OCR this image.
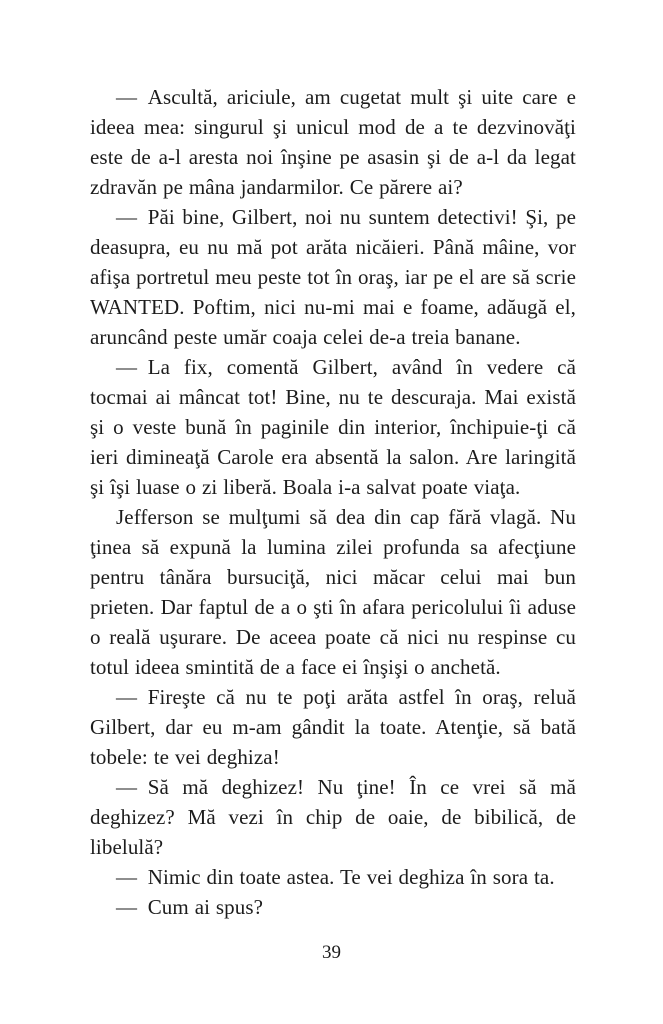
— Ascultă, ariciule, am cugetat mult şi uite care e ideea mea: singurul şi unicul mod de a te dezvinovăţi este de a-l aresta noi înşine pe asasin şi de a-l da legat zdravăn pe mâna jandarmilor. Ce părere ai?

— Păi bine, Gilbert, noi nu suntem detectivi! Şi, pe deasupra, eu nu mă pot arăta nicăieri. Până mâine, vor afişa portretul meu peste tot în oraş, iar pe el are să scrie WANTED. Poftim, nici nu-mi mai e foame, adăugă el, aruncând peste umăr coaja celei de-a treia banane.

— La fix, comentă Gilbert, având în vedere că tocmai ai mâncat tot! Bine, nu te descuraja. Mai există şi o veste bună în paginile din interior, închipuie-ţi că ieri dimineaţă Carole era absentă la salon. Are laringită şi îşi luase o zi liberă. Boala i-a salvat poate viaţa.

Jefferson se mulţumi să dea din cap fără vlagă. Nu ţinea să expună la lumina zilei profunda sa afecţiune pentru tânăra bursuciţă, nici măcar celui mai bun prieten. Dar faptul de a o şti în afara pericolului îi aduse o reală uşurare. De aceea poate că nici nu respinse cu totul ideea smintită de a face ei înşişi o anchetă.

— Fireşte că nu te poţi arăta astfel în oraş, reluă Gilbert, dar eu m-am gândit la toate. Atenţie, să bată tobele: te vei deghiza!

— Să mă deghizez! Nu ţine! În ce vrei să mă deghizez? Mă vezi în chip de oaie, de bibilică, de libelulă?

— Nimic din toate astea. Te vei deghiza în sora ta.

— Cum ai spus?

39
